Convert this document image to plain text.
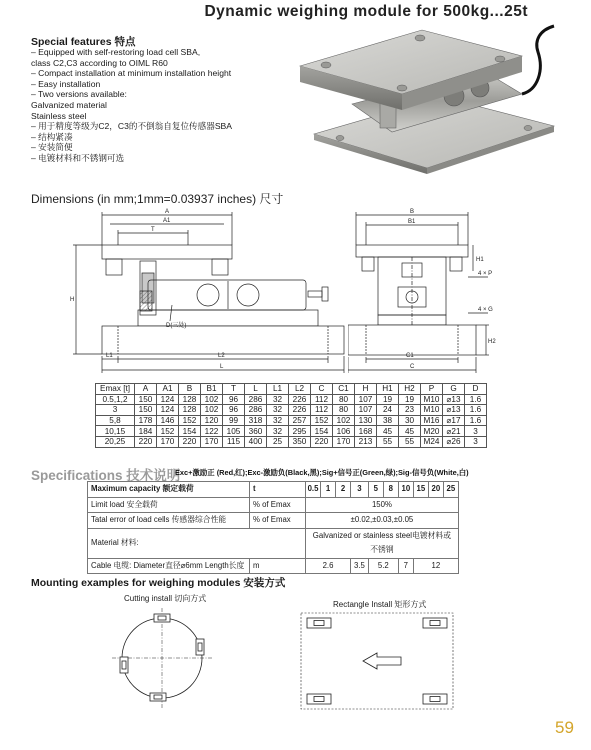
Dynamic weighing module for 500kg...25t
Special features 特点
– Equipped with self-restoring load cell SBA,
class C2,C3 according to OIML R60
– Compact installation at minimum installation height
– Easy installation
– Two versions available:
Galvanized material
Stainless steel
– 用于精度等级为C2，C3的不倒翁自复位传感器SBA
– 结构紧凑
– 安装简便
– 电镀材料和不锈钢可选
Dimensions (in mm;1mm=0.03937 inches) 尺寸
A
A1
T
H
D(三处)
L1	L2
L
B
B1
H1
4 × P
4 × G
H2
C1
C
Emax [t]	A	A1	B	B1	T	L	L1	L2	C	C1	H	H1	H2	P	G	D
0.5,1,2	150	124	128	102	96	286	32	226	112	80	107	19	19	M10	⌀13	1.6
3	150	124	128	102	96	286	32	226	112	80	107	24	23	M10	⌀13	1.6
5,8	178	146	152	120	99	318	32	257	152	102	130	38	30	M16	⌀17	1.6
10,15	184	152	154	122	105	360	32	295	154	106	168	45	45	M20	⌀21	3
20,25	220	170	220	170	115	400	25	350	220	170	213	55	55	M24	⌀26	3
Specifications 技术说明
Exc+激励正 (Red,红);Exc-激励负(Black,黑);Sig+信号正(Green,绿);Sig-信号负(White,白)
Maximum capacity 额定载荷	t	0.5	1	2	3	5	8	10	15	20	25
Limit load 安全载荷	% of Emax	150%									
Tatal error of load cells 传感器综合性能	% of Emax	±0.02,±0.03,±0.05									
Material 材料:		Galvanized or stainless steel电镀材料或不锈钢									
Cable 电缆: Diameter直径⌀6mm Length长度	m	2.6			3.5	5.2		7	12		
Mounting examples for weighing modules 安装方式
Cutting install 切向方式
Rectangle Install 矩形方式
59
